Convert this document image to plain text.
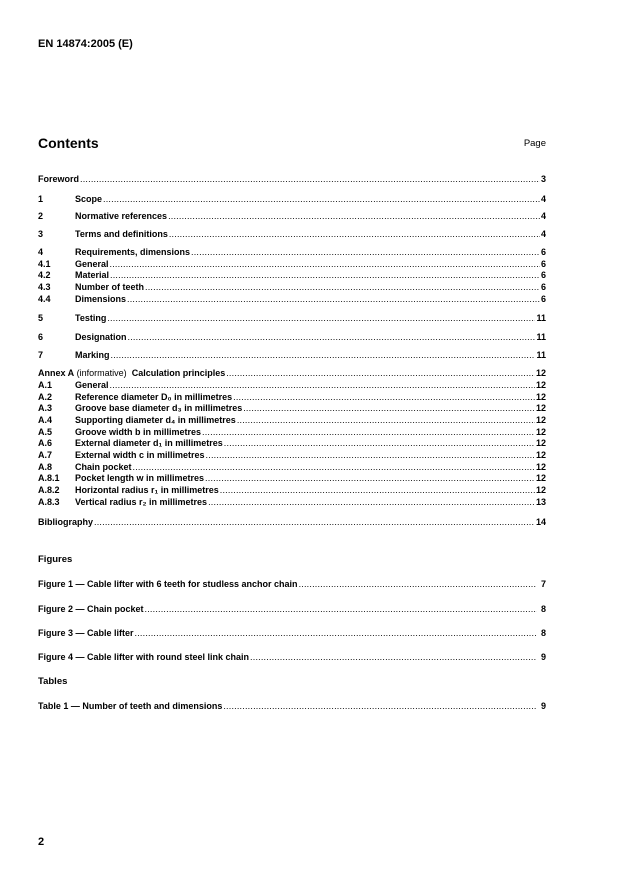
EN 14874:2005 (E)
Contents	Page
Foreword .....	3
1	Scope .....	4
2	Normative references .....	4
3	Terms and definitions .....	4
4	Requirements, dimensions .....	6
4.1	General .....	6
4.2	Material .....	6
4.3	Number of teeth .....	6
4.4	Dimensions .....	6
5	Testing .....	11
6	Designation .....	11
7	Marking .....	11
Annex A (informative)  Calculation principles .....	12
A.1	General .....	12
A.2	Reference diameter D₀ in millimetres .....	12
A.3	Groove base diameter d₃ in millimetres .....	12
A.4	Supporting diameter d₄ in millimetres .....	12
A.5	Groove width b in millimetres .....	12
A.6	External diameter d₁ in millimetres .....	12
A.7	External width c in millimetres .....	12
A.8	Chain pocket .....	12
A.8.1	Pocket length w in millimetres .....	12
A.8.2	Horizontal radius r₁ in millimetres .....	12
A.8.3	Vertical radius r₂ in millimetres .....	13
Bibliography .....	14
Figures
Figure 1 — Cable lifter with 6 teeth for studless anchor chain .....	7
Figure 2 — Chain pocket .....	8
Figure 3 — Cable lifter .....	8
Figure 4 — Cable lifter with round steel link chain .....	9
Tables
Table 1 — Number of teeth and dimensions .....	9
2
